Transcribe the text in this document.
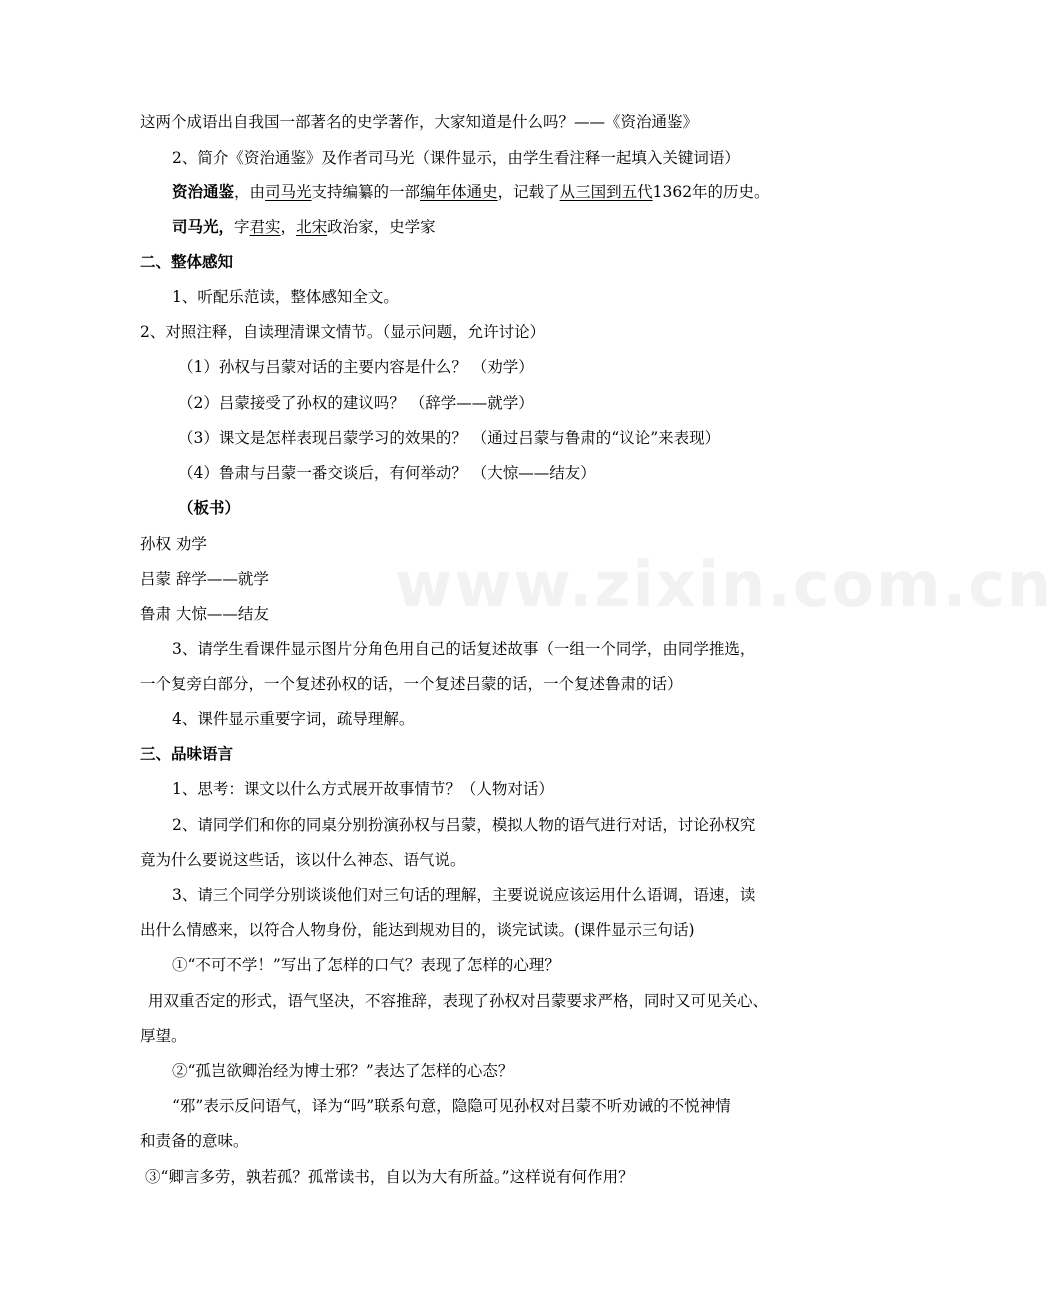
www.zixin.com.cn
这两个成语出自我国一部著名的史学著作，大家知道是什么吗？——《资治通鉴》
2、简介《资治通鉴》及作者司马光（课件显示，由学生看注释一起填入关键词语）
资治通鉴，由司马光支持编纂的一部编年体通史，记载了从三国到五代1362年的历史。
司马光，字君实，北宋政治家，史学家
二、整体感知
1、听配乐范读，整体感知全文。
2、对照注释，自读理清课文情节。（显示问题，允许讨论）
（1）孙权与吕蒙对话的主要内容是什么？ （劝学）
（2）吕蒙接受了孙权的建议吗？ （辞学——就学）
（3）课文是怎样表现吕蒙学习的效果的？ （通过吕蒙与鲁肃的“议论”来表现）
（4）鲁肃与吕蒙一番交谈后，有何举动？ （大惊——结友）
（板书）
孙权 劝学
吕蒙 辞学——就学
鲁肃 大惊——结友
3、请学生看课件显示图片分角色用自己的话复述故事（一组一个同学，由同学推选，
一个复旁白部分，一个复述孙权的话，一个复述吕蒙的话，一个复述鲁肃的话）
4、课件显示重要字词，疏导理解。
三、品味语言
1、思考：课文以什么方式展开故事情节？（人物对话）
2、请同学们和你的同桌分别扮演孙权与吕蒙，模拟人物的语气进行对话，讨论孙权究
竟为什么要说这些话，该以什么神态、语气说。
3、请三个同学分别谈谈他们对三句话的理解，主要说说应该运用什么语调，语速，读
出什么情感来，以符合人物身份，能达到规劝目的，谈完试读。(课件显示三句话)
①“不可不学！”写出了怎样的口气？表现了怎样的心理？
用双重否定的形式，语气坚决，不容推辞，表现了孙权对吕蒙要求严格，同时又可见关心、
厚望。
②“孤岂欲卿治经为博士邪？”表达了怎样的心态？
“邪”表示反问语气，译为“吗”联系句意，隐隐可见孙权对吕蒙不听劝诫的不悦神情
和责备的意味。
③“卿言多劳，孰若孤？孤常读书，自以为大有所益。”这样说有何作用？
